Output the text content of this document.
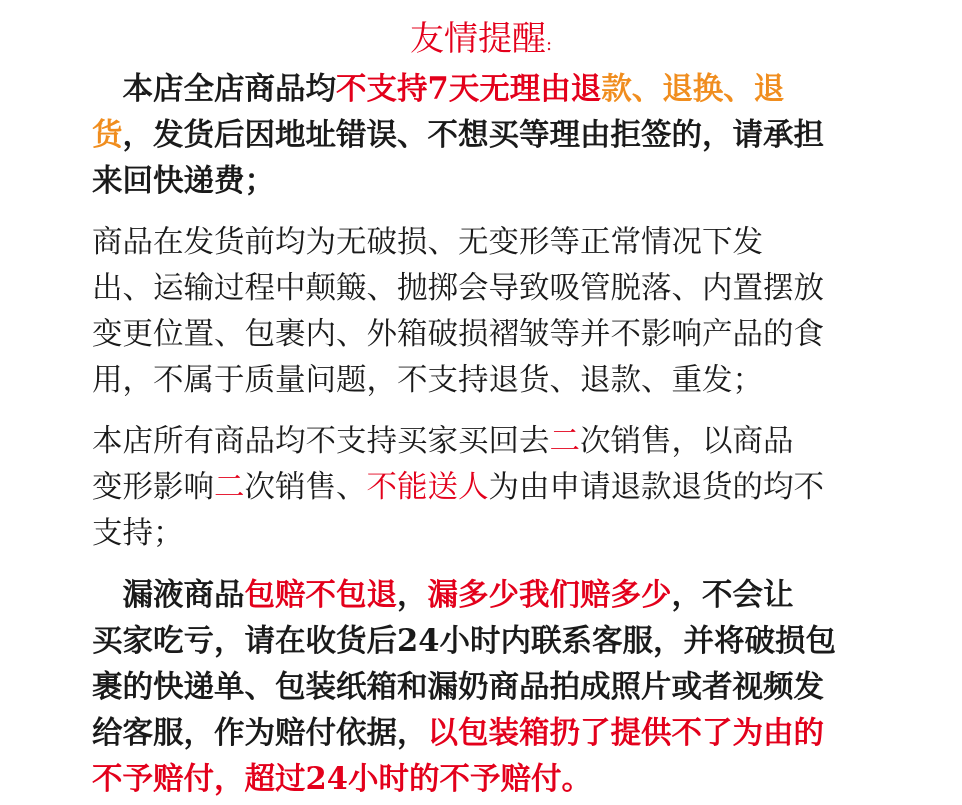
友情提醒:
　本店全店商品均不支持7天无理由退款、退换、退
货，发货后因地址错误、不想买等理由拒签的，请承担
来回快递费；
商品在发货前均为无破损、无变形等正常情况下发
出、运输过程中颠簸、抛掷会导致吸管脱落、内置摆放
变更位置、包裹内、外箱破损褶皱等并不影响产品的食
用，不属于质量问题，不支持退货、退款、重发；
本店所有商品均不支持买家买回去二次销售，以商品
变形影响二次销售、不能送人为由申请退款退货的均不
支持；
　漏液商品包赔不包退，漏多少我们赔多少，不会让
买家吃亏，请在收货后24小时内联系客服，并将破损包
裹的快递单、包装纸箱和漏奶商品拍成照片或者视频发
给客服，作为赔付依据，以包装箱扔了提供不了为由的
不予赔付，超过24小时的不予赔付。
